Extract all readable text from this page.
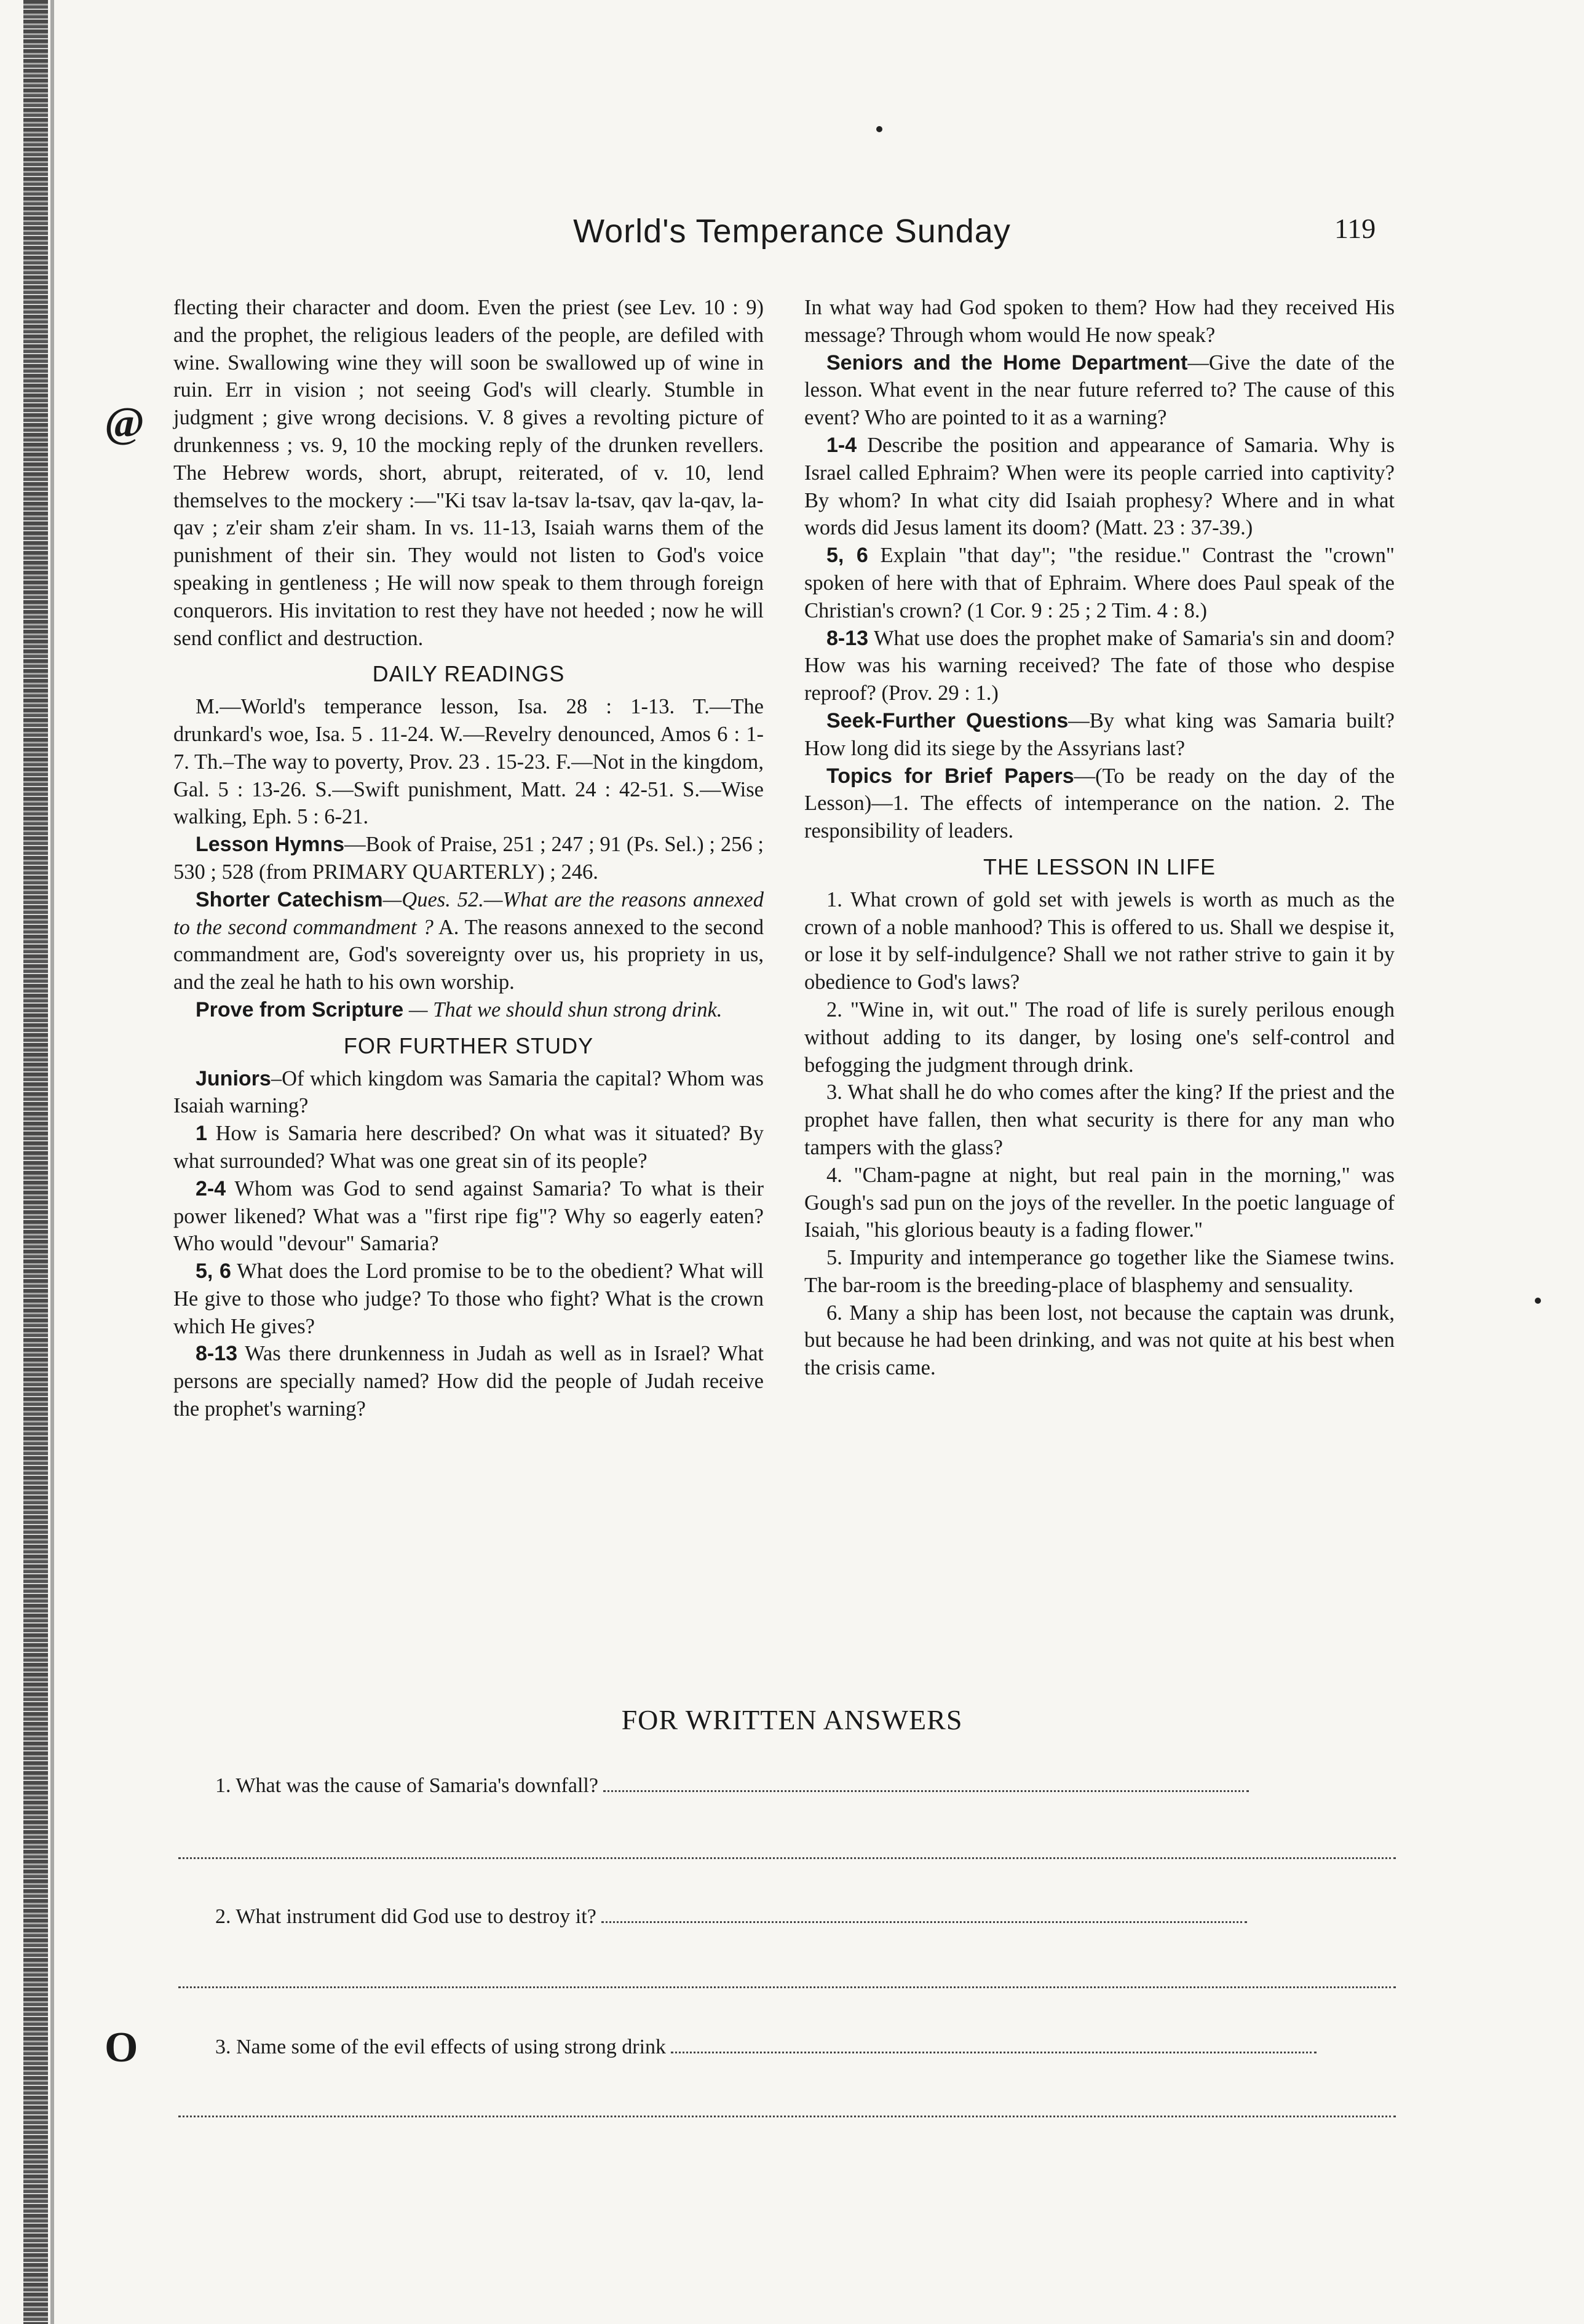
@
O
World's Temperance Sunday	119

flecting their character and doom. Even the priest (see Lev. 10 : 9) and the prophet, the religious leaders of the people, are defiled with wine. Swallowing wine they will soon be swallowed up of wine in ruin. Err in vision ; not seeing God's will clearly. Stumble in judgment ; give wrong decisions. V. 8 gives a revolting picture of drunkenness ; vs. 9, 10 the mocking reply of the drunken revellers. The Hebrew words, short, abrupt, reiterated, of v. 10, lend themselves to the mockery :—"Ki tsav la-tsav la-tsav, qav la-qav, la-qav ; z'eir sham z'eir sham. In vs. 11-13, Isaiah warns them of the punishment of their sin. They would not listen to God's voice speaking in gentleness ; He will now speak to them through foreign conquerors. His invitation to rest they have not heeded ; now he will send conflict and destruction.

DAILY READINGS

M.—World's temperance lesson, Isa. 28 : 1-13. T.—The drunkard's woe, Isa. 5 . 11-24. W.—Revelry denounced, Amos 6 : 1-7. Th.–The way to poverty, Prov. 23 . 15-23. F.—Not in the kingdom, Gal. 5 : 13-26. S.—Swift punishment, Matt. 24 : 42-51. S.—Wise walking, Eph. 5 : 6-21.

Lesson Hymns—Book of Praise, 251 ; 247 ; 91 (Ps. Sel.) ; 256 ; 530 ; 528 (from PRIMARY QUARTERLY) ; 246.

Shorter Catechism—Ques. 52.—What are the reasons annexed to the second commandment ? A. The reasons annexed to the second commandment are, God's sovereignty over us, his propriety in us, and the zeal he hath to his own worship.

Prove from Scripture — That we should shun strong drink.

FOR FURTHER STUDY

Juniors–Of which kingdom was Samaria the capital? Whom was Isaiah warning?

1 How is Samaria here described? On what was it situated? By what surrounded? What was one great sin of its people?

2-4 Whom was God to send against Samaria? To what is their power likened? What was a "first ripe fig"? Why so eagerly eaten? Who would "devour" Samaria?

5, 6 What does the Lord promise to be to the obedient? What will He give to those who judge? To those who fight? What is the crown which He gives?

8-13 Was there drunkenness in Judah as well as in Israel? What persons are specially named? How did the people of Judah receive the prophet's warning?

In what way had God spoken to them? How had they received His message? Through whom would He now speak?

Seniors and the Home Department—Give the date of the lesson. What event in the near future referred to? The cause of this event? Who are pointed to it as a warning?

1-4 Describe the position and appearance of Samaria. Why is Israel called Ephraim? When were its people carried into captivity? By whom? In what city did Isaiah prophesy? Where and in what words did Jesus lament its doom? (Matt. 23 : 37-39.)

5, 6 Explain "that day"; "the residue." Contrast the "crown" spoken of here with that of Ephraim. Where does Paul speak of the Christian's crown? (1 Cor. 9 : 25 ; 2 Tim. 4 : 8.)

8-13 What use does the prophet make of Samaria's sin and doom? How was his warning received? The fate of those who despise reproof? (Prov. 29 : 1.)

Seek-Further Questions—By what king was Samaria built? How long did its siege by the Assyrians last?

Topics for Brief Papers—(To be ready on the day of the Lesson)—1. The effects of intemperance on the nation. 2. The responsibility of leaders.

THE LESSON IN LIFE

1. What crown of gold set with jewels is worth as much as the crown of a noble manhood? This is offered to us. Shall we despise it, or lose it by self-indulgence? Shall we not rather strive to gain it by obedience to God's laws?

2. "Wine in, wit out." The road of life is surely perilous enough without adding to its danger, by losing one's self-control and befogging the judgment through drink.

3. What shall he do who comes after the king? If the priest and the prophet have fallen, then what security is there for any man who tampers with the glass?

4. "Cham-pagne at night, but real pain in the morning," was Gough's sad pun on the joys of the reveller. In the poetic language of Isaiah, "his glorious beauty is a fading flower."

5. Impurity and intemperance go together like the Siamese twins. The bar-room is the breeding-place of blasphemy and sensuality.

6. Many a ship has been lost, not because the captain was drunk, but because he had been drinking, and was not quite at his best when the crisis came.

FOR WRITTEN ANSWERS
1. What was the cause of Samaria's downfall?
2. What instrument did God use to destroy it?
3. Name some of the evil effects of using strong drink
